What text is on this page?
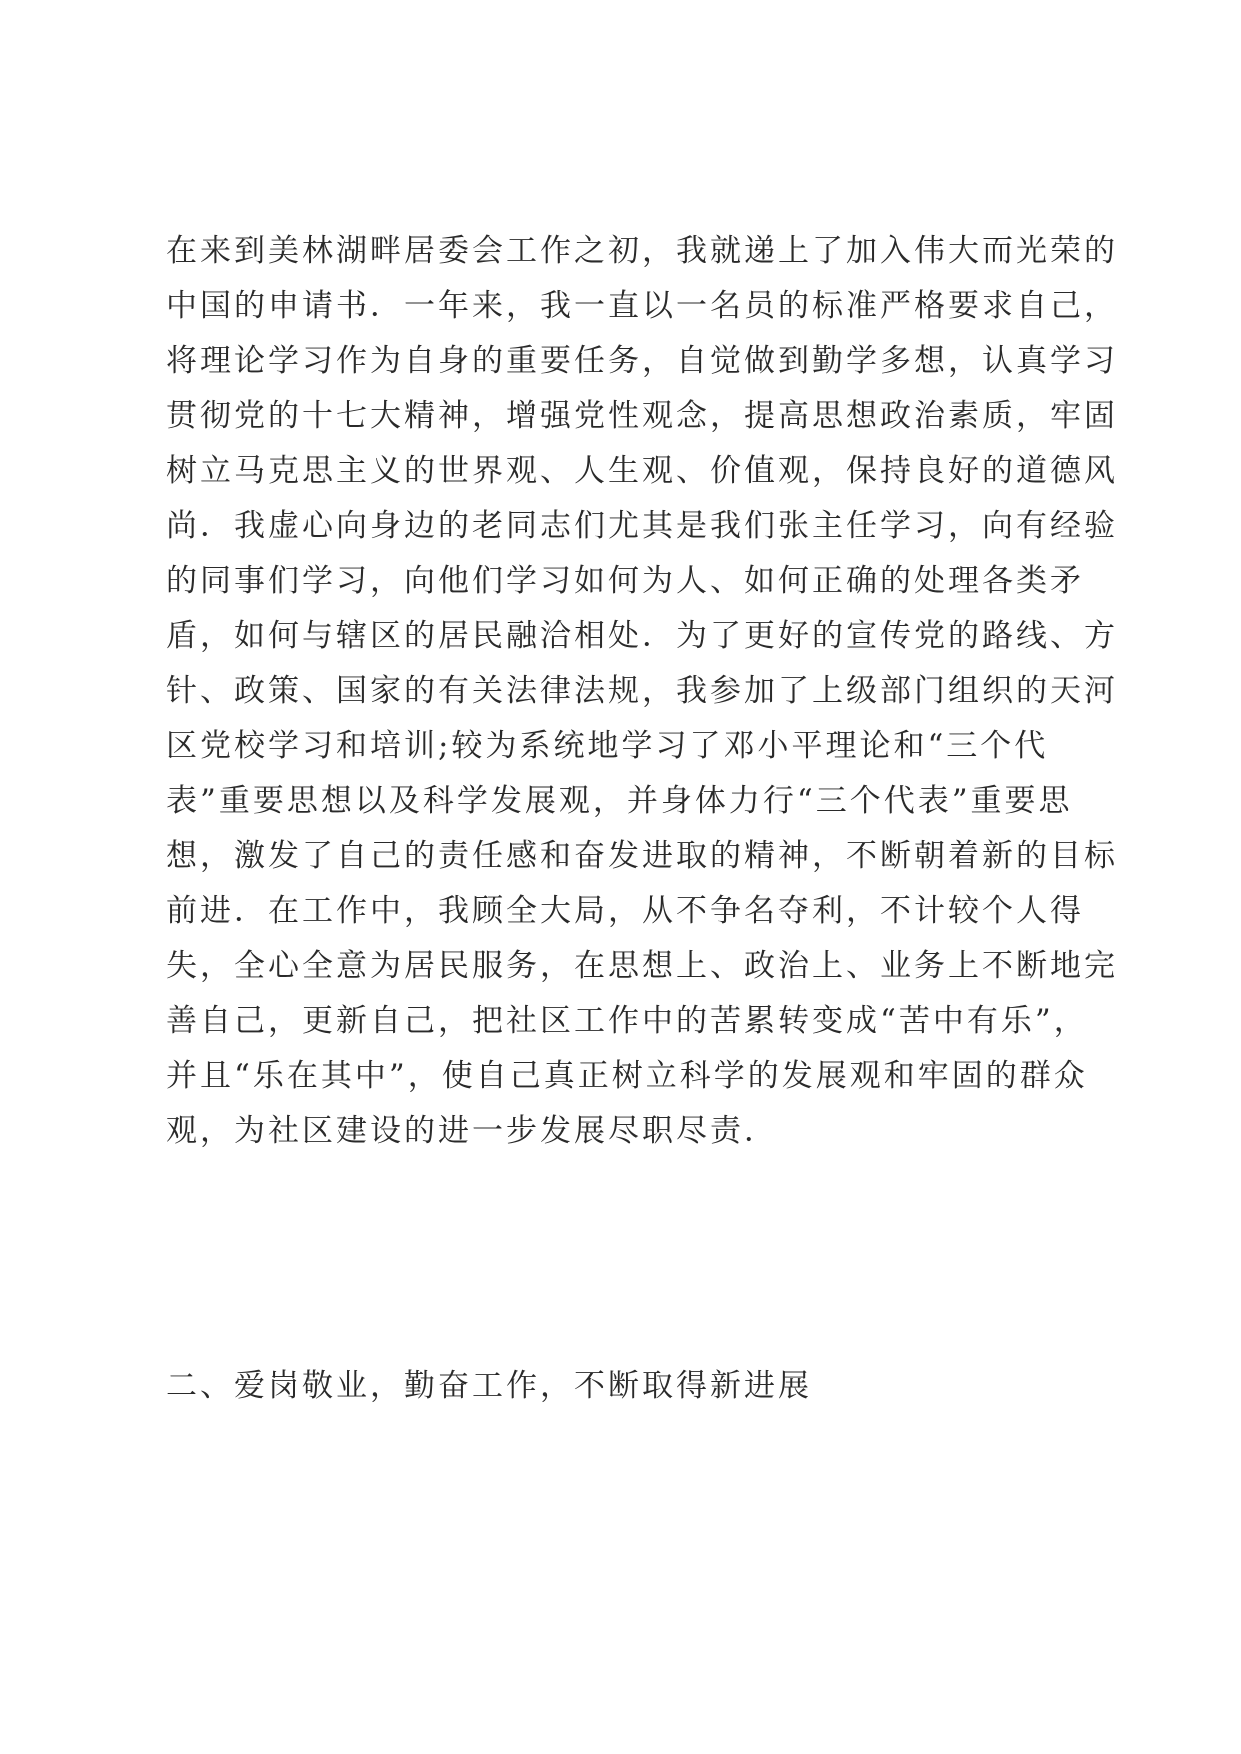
在来到美林湖畔居委会工作之初，我就递上了加入伟大而光荣的
中国的申请书．一年来，我一直以一名员的标准严格要求自己，
将理论学习作为自身的重要任务，自觉做到勤学多想，认真学习
贯彻党的十七大精神，增强党性观念，提高思想政治素质，牢固
树立马克思主义的世界观、人生观、价值观，保持良好的道德风
尚．我虚心向身边的老同志们尤其是我们张主任学习，向有经验
的同事们学习，向他们学习如何为人、如何正确的处理各类矛
盾，如何与辖区的居民融洽相处．为了更好的宣传党的路线、方
针、政策、国家的有关法律法规，我参加了上级部门组织的天河
区党校学习和培训;较为系统地学习了邓小平理论和“三个代
表”重要思想以及科学发展观，并身体力行“三个代表”重要思
想，激发了自己的责任感和奋发进取的精神，不断朝着新的目标
前进．在工作中，我顾全大局，从不争名夺利，不计较个人得
失，全心全意为居民服务，在思想上、政治上、业务上不断地完
善自己，更新自己，把社区工作中的苦累转变成“苦中有乐”，
并且“乐在其中”，使自己真正树立科学的发展观和牢固的群众
观，为社区建设的进一步发展尽职尽责．
二、爱岗敬业，勤奋工作，不断取得新进展
